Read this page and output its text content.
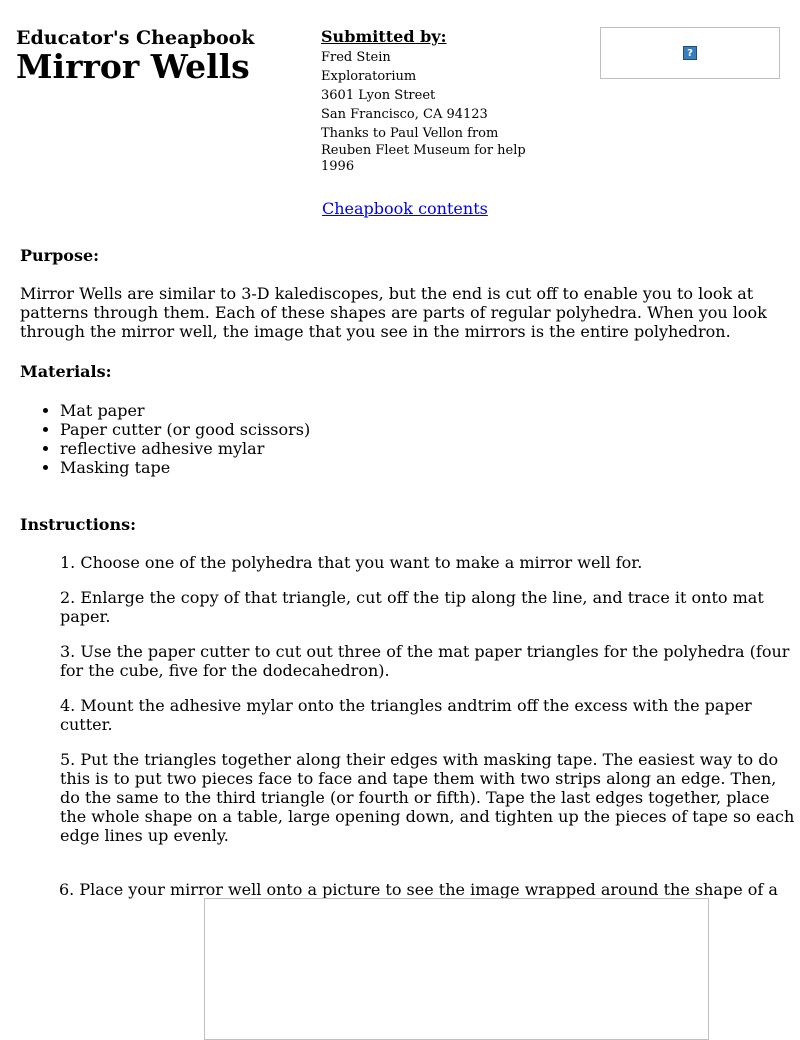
Educator's Cheapbook
Mirror Wells
Submitted by:
Fred Stein
Exploratorium
3601 Lyon Street
San Francisco, CA 94123
Thanks to Paul Vellon from
Reuben Fleet Museum for help
1996
?
Cheapbook contents
Purpose:
Mirror Wells are similar to 3-D kalediscopes, but the end is cut off to enable you to look at patterns through them. Each of these shapes are parts of regular polyhedra. When you look through the mirror well, the image that you see in the mirrors is the entire polyhedron.
Materials:
• Mat paper
• Paper cutter (or good scissors)
• reflective adhesive mylar
• Masking tape
Instructions:
1. Choose one of the polyhedra that you want to make a mirror well for.
2. Enlarge the copy of that triangle, cut off the tip along the line, and trace it onto mat paper.
3. Use the paper cutter to cut out three of the mat paper triangles for the polyhedra (four for the cube, five for the dodecahedron).
4. Mount the adhesive mylar onto the triangles andtrim off the excess with the paper cutter.
5. Put the triangles together along their edges with masking tape. The easiest way to do this is to put two pieces face to face and tape them with two strips along an edge. Then, do the same to the third triangle (or fourth or fifth). Tape the last edges together, place the whole shape on a table, large opening down, and tighten up the pieces of tape so each edge lines up evenly.
6. Place your mirror well onto a picture to see the image wrapped around the shape of a
